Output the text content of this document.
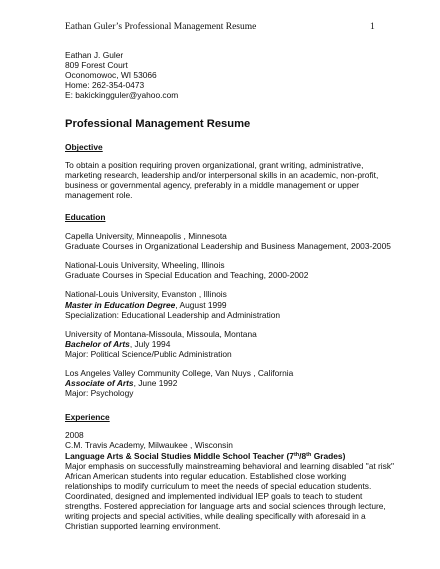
Eathan Guler’s Professional Management Resume	1
Eathan J. Guler
809 Forest Court
Oconomowoc, WI 53066
Home: 262-354-0473
E: bakickingguler@yahoo.com
Professional Management Resume
Objective
To obtain a position requiring proven organizational, grant writing, administrative,
marketing research, leadership and/or interpersonal skills in an academic, non-profit,
business or governmental agency, preferably in a middle management or upper
management role.
Education
Capella University, Minneapolis , Minnesota
Graduate Courses in Organizational Leadership and Business Management, 2003-2005
National-Louis University, Wheeling, Illinois
Graduate Courses in Special Education and Teaching, 2000-2002
National-Louis University, Evanston , Illinois
Master in Education Degree, August 1999
Specialization: Educational Leadership and Administration
University of Montana-Missoula, Missoula, Montana
Bachelor of Arts, July 1994
Major: Political Science/Public Administration
Los Angeles Valley Community College, Van Nuys , California
Associate of Arts, June 1992
Major: Psychology
Experience
2008
C.M. Travis Academy, Milwaukee , Wisconsin
Language Arts & Social Studies Middle School Teacher (7th/8th Grades)
Major emphasis on successfully mainstreaming behavioral and learning disabled "at risk"
African American students into regular education. Established close working
relationships to modify curriculum to meet the needs of special education students.
Coordinated, designed and implemented individual IEP goals to teach to student
strengths. Fostered appreciation for language arts and social sciences through lecture,
writing projects and special activities, while dealing specifically with aforesaid in a
Christian supported learning environment.
